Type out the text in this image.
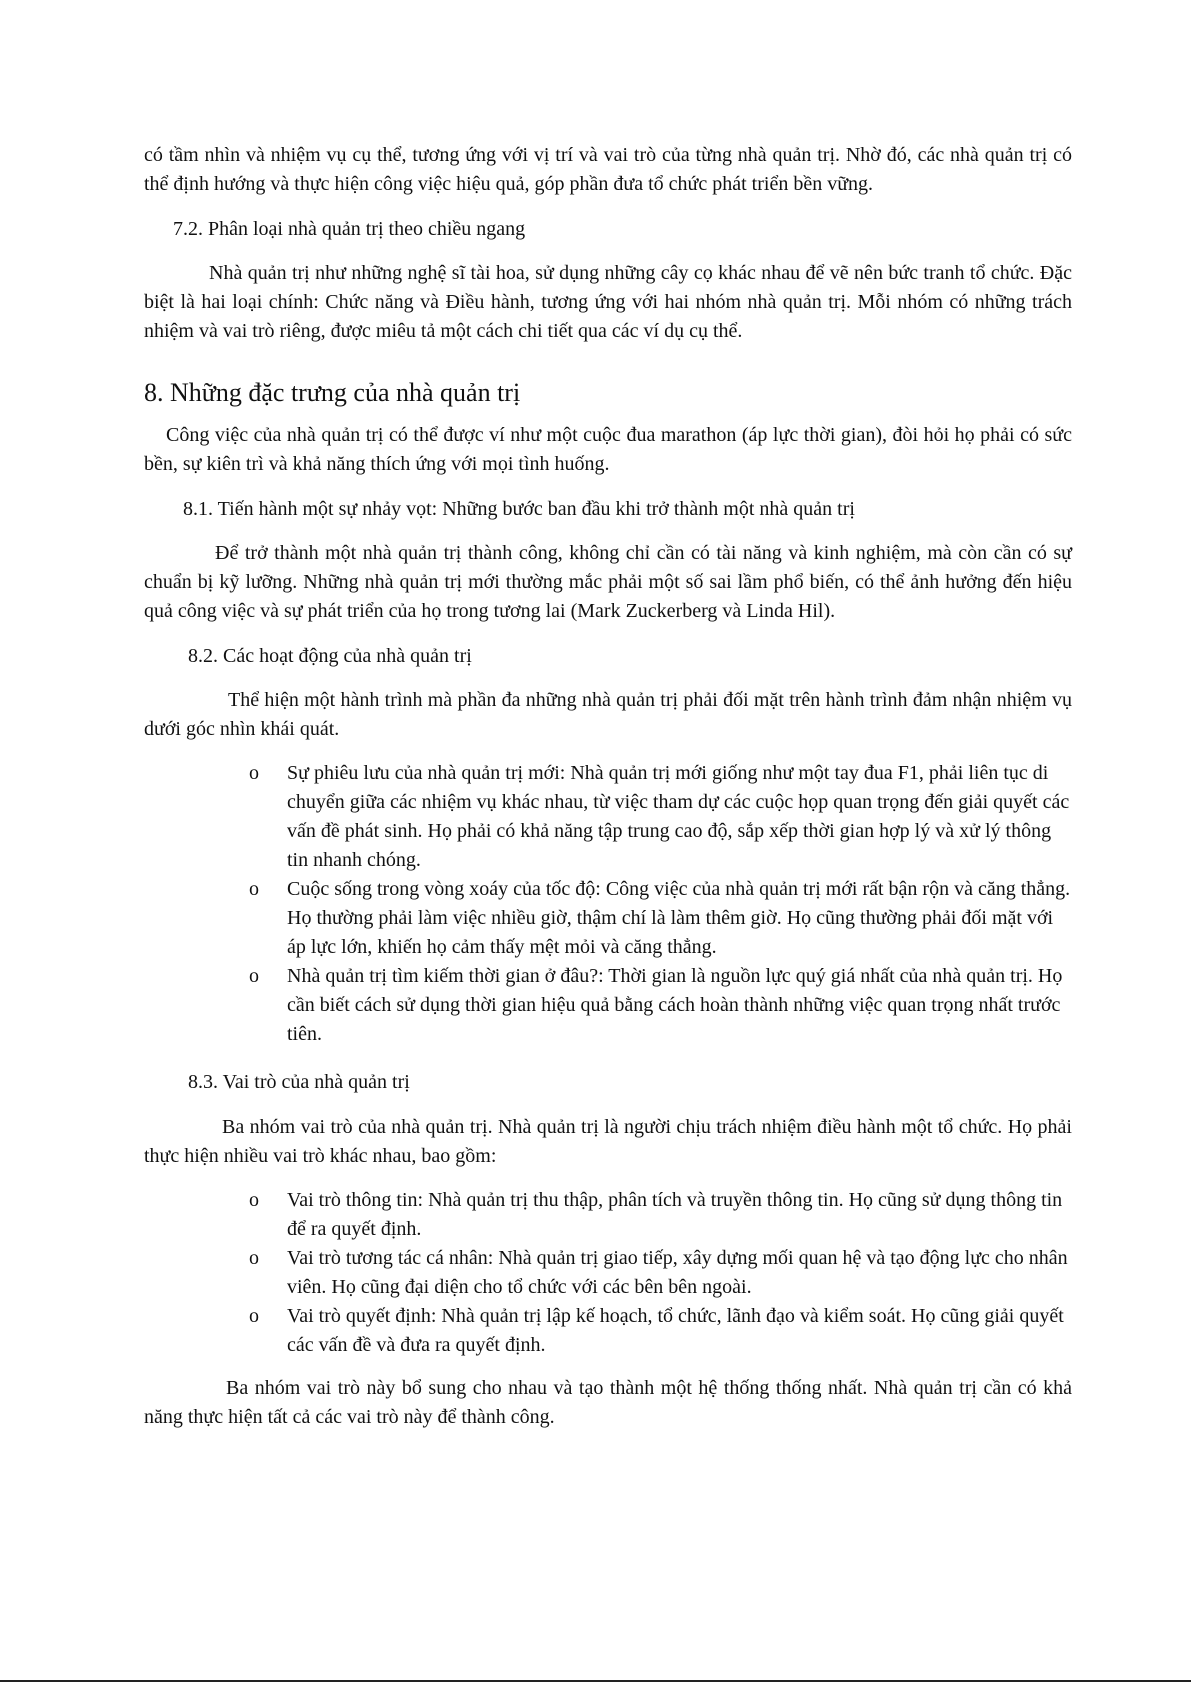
có tầm nhìn và nhiệm vụ cụ thể, tương ứng với vị trí và vai trò của từng nhà quản trị. Nhờ đó, các nhà quản trị có thể định hướng và thực hiện công việc hiệu quả, góp phần đưa tổ chức phát triển bền vững.

7.2. Phân loại nhà quản trị theo chiều ngang

Nhà quản trị như những nghệ sĩ tài hoa, sử dụng những cây cọ khác nhau để vẽ nên bức tranh tổ chức. Đặc biệt là hai loại chính: Chức năng và Điều hành, tương ứng với hai nhóm nhà quản trị. Mỗi nhóm có những trách nhiệm và vai trò riêng, được miêu tả một cách chi tiết qua các ví dụ cụ thể.

8. Những đặc trưng của nhà quản trị

Công việc của nhà quản trị có thể được ví như một cuộc đua marathon (áp lực thời gian), đòi hỏi họ phải có sức bền, sự kiên trì và khả năng thích ứng với mọi tình huống.

8.1. Tiến hành một sự nhảy vọt: Những bước ban đầu khi trở thành một nhà quản trị

Để trở thành một nhà quản trị thành công, không chỉ cần có tài năng và kinh nghiệm, mà còn cần có sự chuẩn bị kỹ lưỡng. Những nhà quản trị mới thường mắc phải một số sai lầm phổ biến, có thể ảnh hưởng đến hiệu quả công việc và sự phát triển của họ trong tương lai (Mark Zuckerberg và Linda Hil).

8.2. Các hoạt động của nhà quản trị

Thể hiện một hành trình mà phần đa những nhà quản trị phải đối mặt trên hành trình đảm nhận nhiệm vụ dưới góc nhìn khái quát.

o Sự phiêu lưu của nhà quản trị mới: Nhà quản trị mới giống như một tay đua F1, phải liên tục di chuyển giữa các nhiệm vụ khác nhau, từ việc tham dự các cuộc họp quan trọng đến giải quyết các vấn đề phát sinh. Họ phải có khả năng tập trung cao độ, sắp xếp thời gian hợp lý và xử lý thông tin nhanh chóng.
o Cuộc sống trong vòng xoáy của tốc độ: Công việc của nhà quản trị mới rất bận rộn và căng thẳng. Họ thường phải làm việc nhiều giờ, thậm chí là làm thêm giờ. Họ cũng thường phải đối mặt với áp lực lớn, khiến họ cảm thấy mệt mỏi và căng thẳng.
o Nhà quản trị tìm kiếm thời gian ở đâu?: Thời gian là nguồn lực quý giá nhất của nhà quản trị. Họ cần biết cách sử dụng thời gian hiệu quả bằng cách hoàn thành những việc quan trọng nhất trước tiên.

8.3. Vai trò của nhà quản trị

Ba nhóm vai trò của nhà quản trị. Nhà quản trị là người chịu trách nhiệm điều hành một tổ chức. Họ phải thực hiện nhiều vai trò khác nhau, bao gồm:

o Vai trò thông tin: Nhà quản trị thu thập, phân tích và truyền thông tin. Họ cũng sử dụng thông tin để ra quyết định.
o Vai trò tương tác cá nhân: Nhà quản trị giao tiếp, xây dựng mối quan hệ và tạo động lực cho nhân viên. Họ cũng đại diện cho tổ chức với các bên bên ngoài.
o Vai trò quyết định: Nhà quản trị lập kế hoạch, tổ chức, lãnh đạo và kiểm soát. Họ cũng giải quyết các vấn đề và đưa ra quyết định.

Ba nhóm vai trò này bổ sung cho nhau và tạo thành một hệ thống thống nhất. Nhà quản trị cần có khả năng thực hiện tất cả các vai trò này để thành công.
